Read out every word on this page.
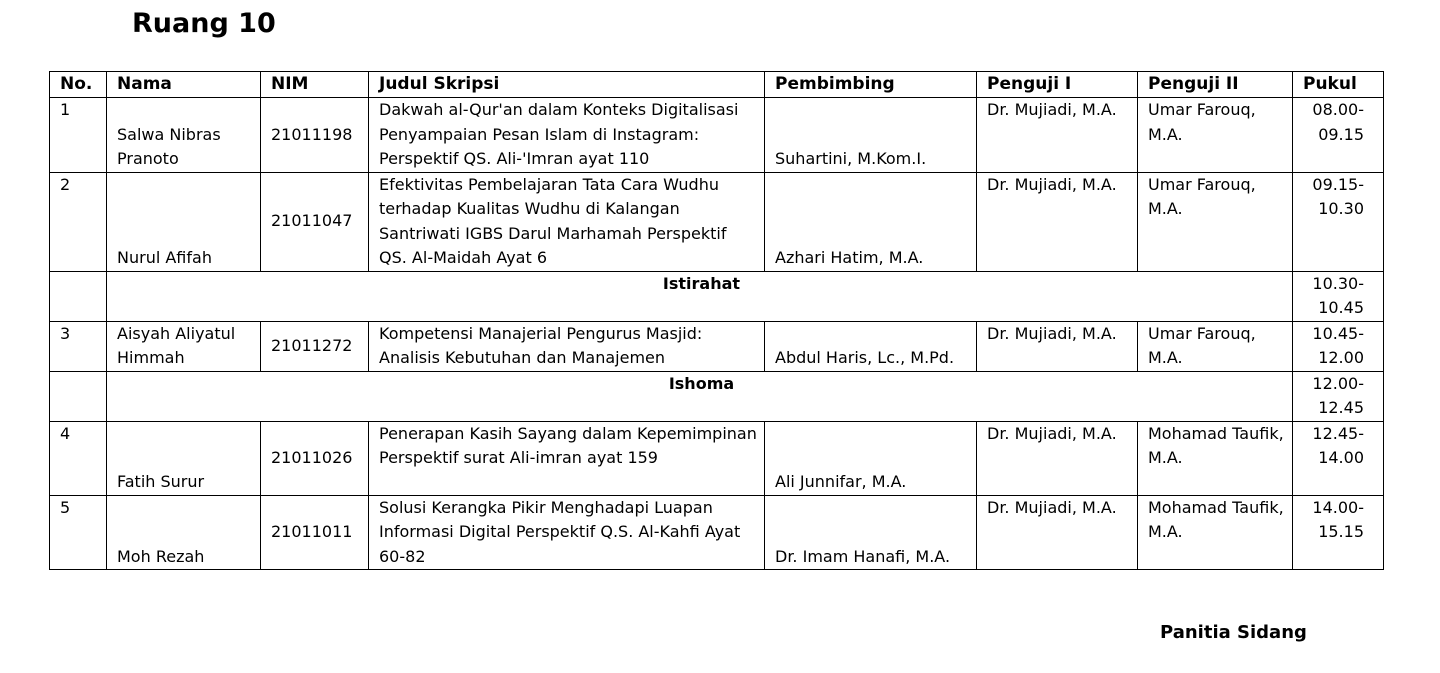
Ruang 10
No.	Nama	NIM	Judul Skripsi	Pembimbing	Penguji I	Penguji II	Pukul
1	Salwa Nibras Pranoto	21011198	Dakwah al-Qur'an dalam Konteks Digitalisasi Penyampaian Pesan Islam di Instagram: Perspektif QS. Ali-'Imran ayat 110	Suhartini, M.Kom.I.	Dr. Mujiadi, M.A.	Umar Farouq, M.A.	08.00-09.15
2	Nurul Afifah	21011047	Efektivitas Pembelajaran Tata Cara Wudhu terhadap Kualitas Wudhu di Kalangan Santriwati IGBS Darul Marhamah Perspektif QS. Al-Maidah Ayat 6	Azhari Hatim, M.A.	Dr. Mujiadi, M.A.	Umar Farouq, M.A.	09.15-10.30
	Istirahat						10.30-10.45
3	Aisyah Aliyatul Himmah	21011272	Kompetensi Manajerial Pengurus Masjid: Analisis Kebutuhan dan Manajemen	Abdul Haris, Lc., M.Pd.	Dr. Mujiadi, M.A.	Umar Farouq, M.A.	10.45-12.00
	Ishoma						12.00-12.45
4	Fatih Surur	21011026	Penerapan Kasih Sayang dalam Kepemimpinan Perspektif surat Ali-imran ayat 159	Ali Junnifar, M.A.	Dr. Mujiadi, M.A.	Mohamad Taufik, M.A.	12.45-14.00
5	Moh Rezah	21011011	Solusi Kerangka Pikir Menghadapi Luapan Informasi Digital Perspektif Q.S. Al-Kahfi Ayat 60-82	Dr. Imam Hanafi, M.A.	Dr. Mujiadi, M.A.	Mohamad Taufik, M.A.	14.00-15.15
Panitia Sidang
